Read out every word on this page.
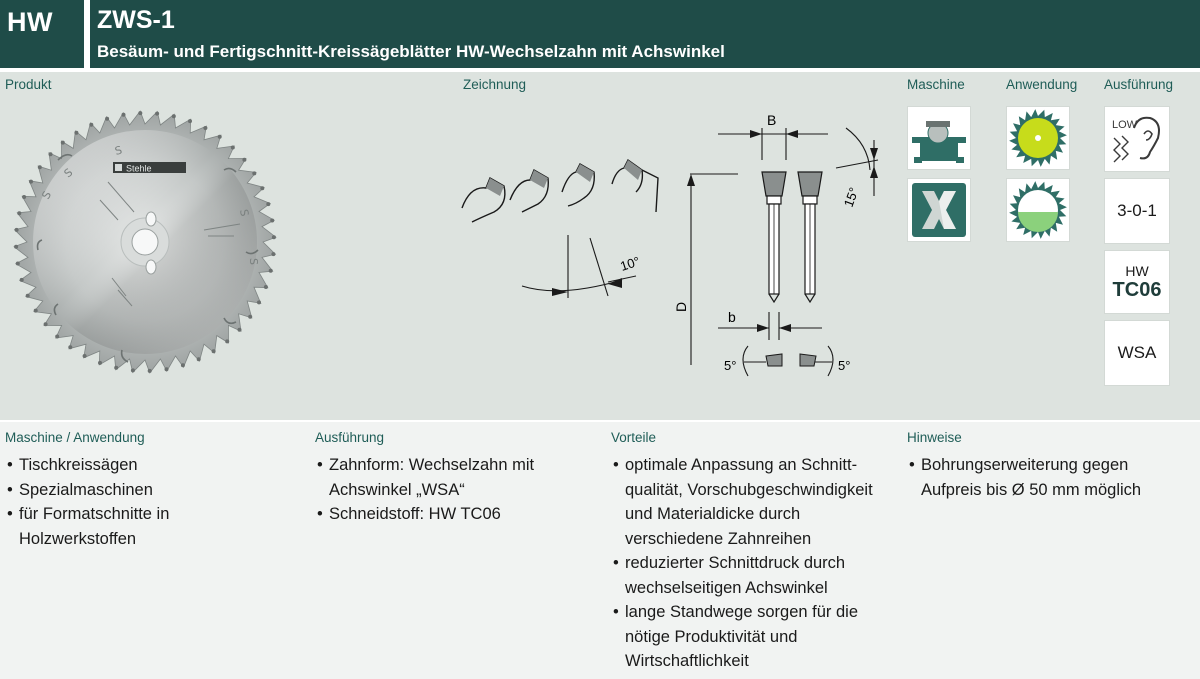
HW ZWS-1
Besäum- und Fertigschnitt-Kreissägeblätter HW-Wechselzahn mit Achswinkel
Produkt	Zeichnung	Maschine	Anwendung Ausführung
S
S
S
S
S
Stehle
10°
D
B
15°
b
5°	5°
LOW
3-0-1
HW
TC06
WSA
Maschine / Anwendung
• Tischkreissägen
• Spezialmaschinen
• für Formatschnitte in Holzwerkstoffen
Ausführung
• Zahnform: Wechselzahn mit Achswinkel „WSA“
• Schneidstoff: HW TC06
Vorteile
• optimale Anpassung an Schnitt-qualität, Vorschubgeschwindigkeit und Materialdicke durch verschiedene Zahnreihen
• reduzierter Schnittdruck durch wechselseitigen Achswinkel
• lange Standwege sorgen für die nötige Produktivität und Wirtschaftlichkeit
Hinweise
• Bohrungserweiterung gegen Aufpreis bis Ø 50 mm möglich
